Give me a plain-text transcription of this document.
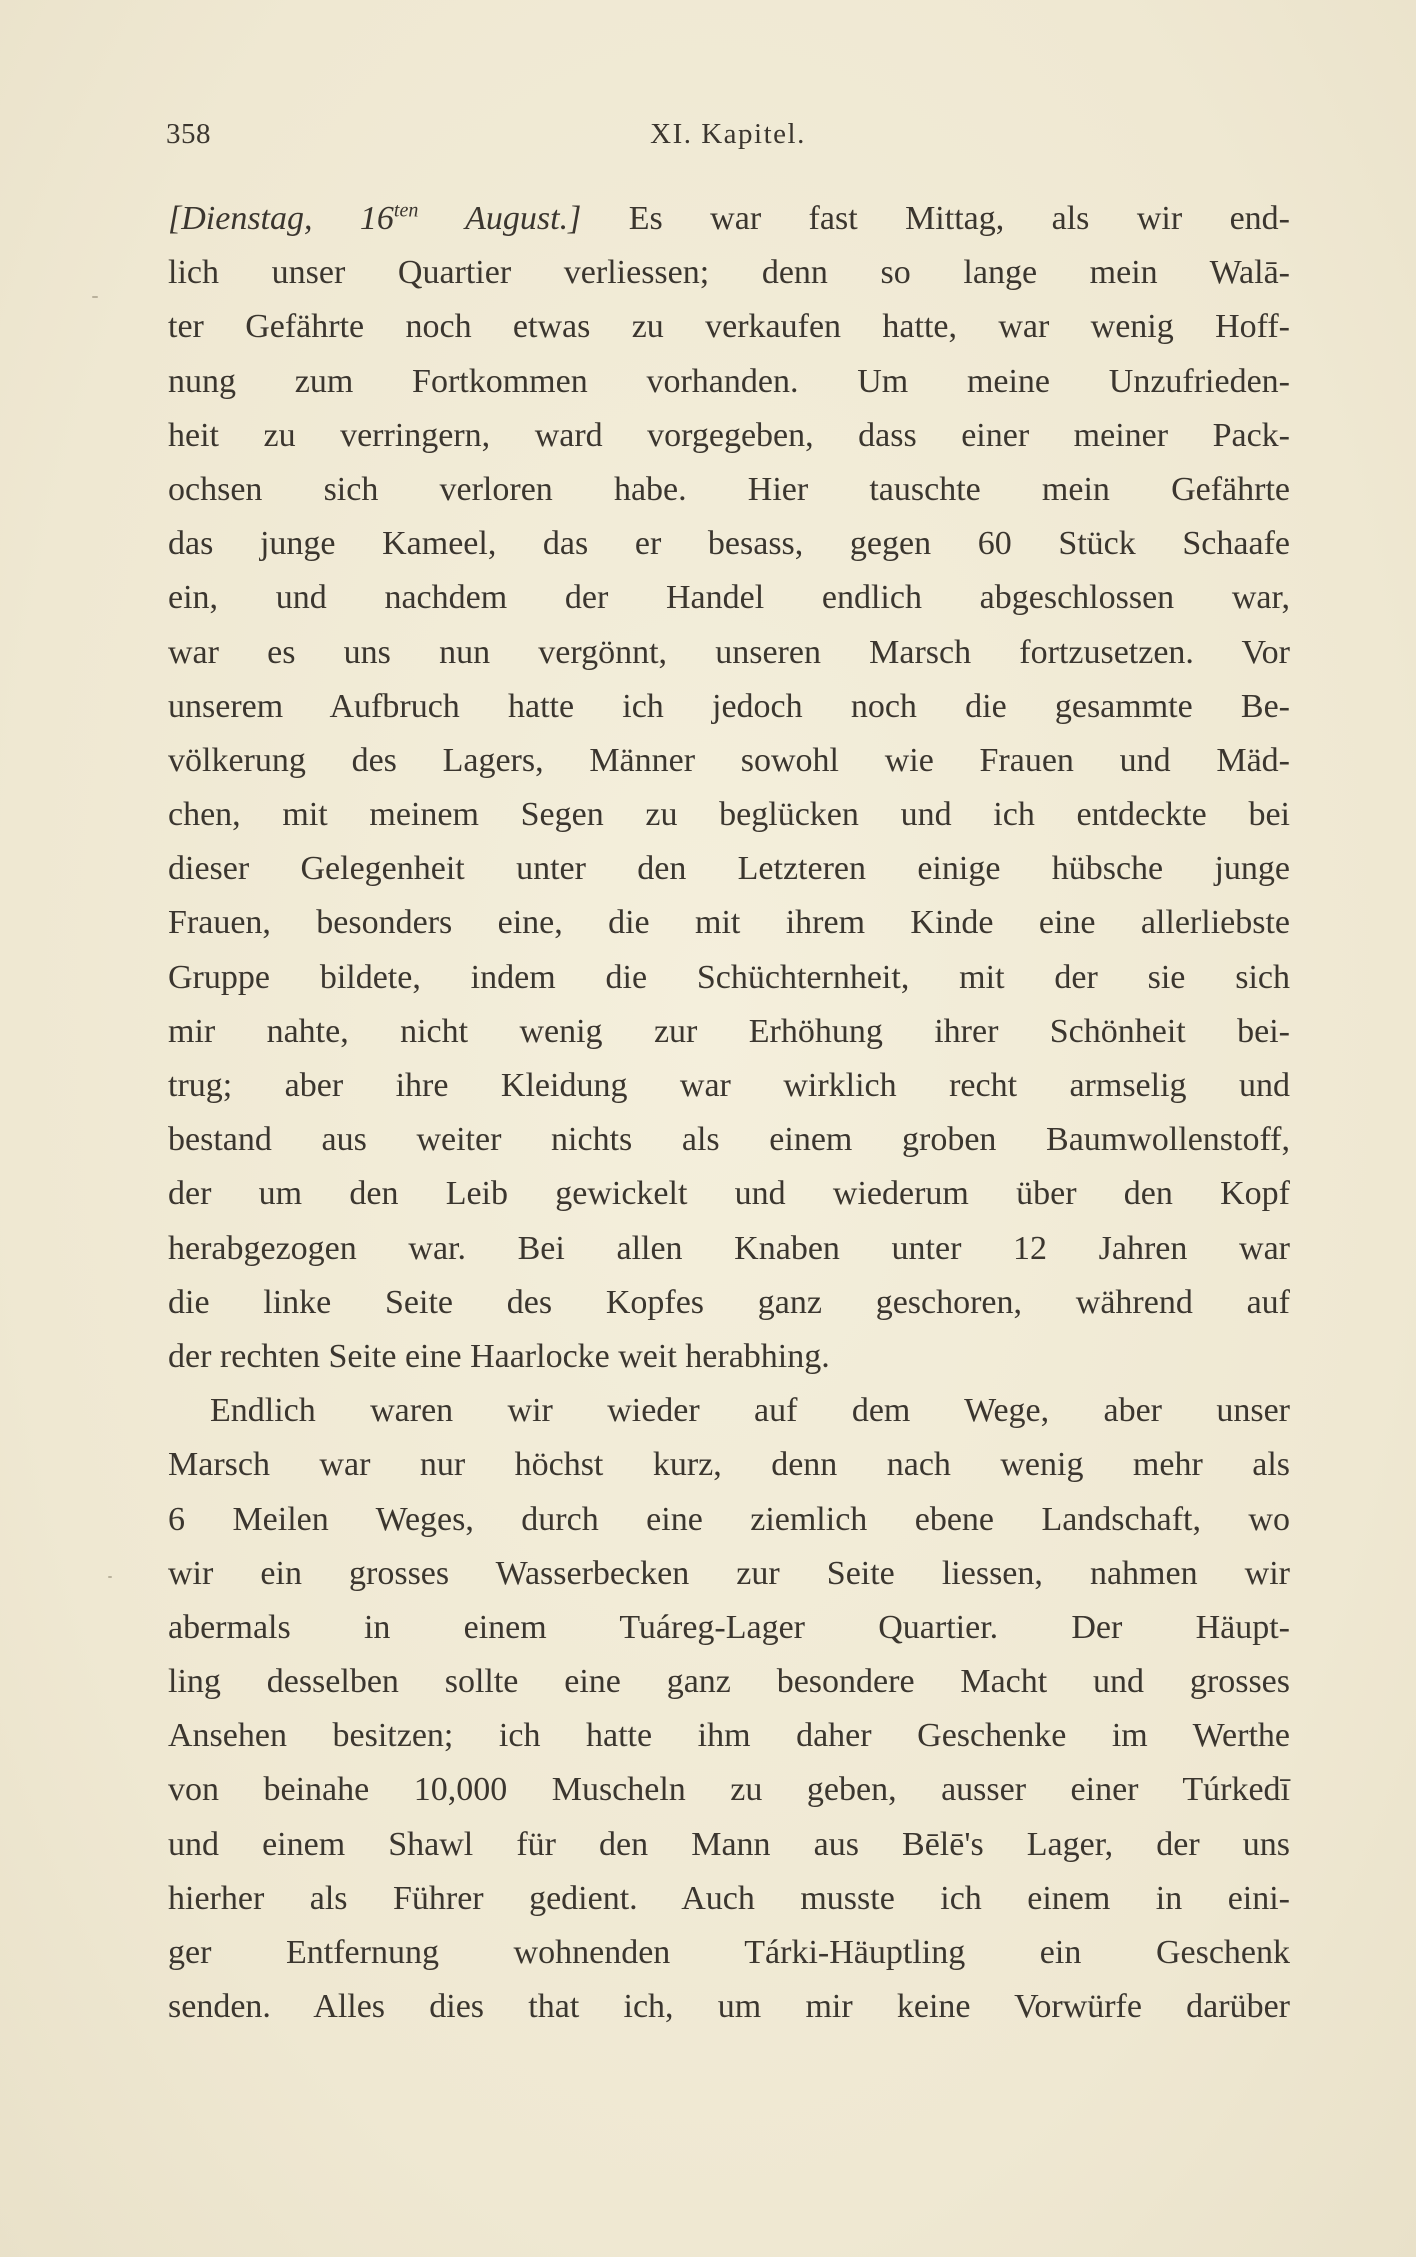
358	XI. Kapitel.
[Dienstag, $16^{ten}$ August.] Es war fast Mittag, als wir end-
lich unser Quartier verliessen; denn so lange mein Walā-
ter Gefährte noch etwas zu verkaufen hatte, war wenig Hoff-
nung zum Fortkommen vorhanden. Um meine Unzufrieden-
heit zu verringern, ward vorgegeben, dass einer meiner Pack-
ochsen sich verloren habe. Hier tauschte mein Gefährte
das junge Kameel, das er besass, gegen 60 Stück Schaafe
ein, und nachdem der Handel endlich abgeschlossen war,
war es uns nun vergönnt, unseren Marsch fortzusetzen. Vor
unserem Aufbruch hatte ich jedoch noch die gesammte Be-
völkerung des Lagers, Männer sowohl wie Frauen und Mäd-
chen, mit meinem Segen zu beglücken und ich entdeckte bei
dieser Gelegenheit unter den Letzteren einige hübsche junge
Frauen, besonders eine, die mit ihrem Kinde eine allerliebste
Gruppe bildete, indem die Schüchternheit, mit der sie sich
mir nahte, nicht wenig zur Erhöhung ihrer Schönheit bei-
trug; aber ihre Kleidung war wirklich recht armselig und
bestand aus weiter nichts als einem groben Baumwollenstoff,
der um den Leib gewickelt und wiederum über den Kopf
herabgezogen war. Bei allen Knaben unter 12 Jahren war
die linke Seite des Kopfes ganz geschoren, während auf
der rechten Seite eine Haarlocke weit herabhing.
Endlich waren wir wieder auf dem Wege, aber unser
Marsch war nur höchst kurz, denn nach wenig mehr als
6 Meilen Weges, durch eine ziemlich ebene Landschaft, wo
wir ein grosses Wasserbecken zur Seite liessen, nahmen wir
abermals in einem Tuáreg-Lager Quartier. Der Häupt-
ling desselben sollte eine ganz besondere Macht und grosses
Ansehen besitzen; ich hatte ihm daher Geschenke im Werthe
von beinahe 10,000 Muscheln zu geben, ausser einer Túrkedī
und einem Shawl für den Mann aus Bēlē's Lager, der uns
hierher als Führer gedient. Auch musste ich einem in eini-
ger Entfernung wohnenden Tárki-Häuptling ein Geschenk
senden. Alles dies that ich, um mir keine Vorwürfe darüber
